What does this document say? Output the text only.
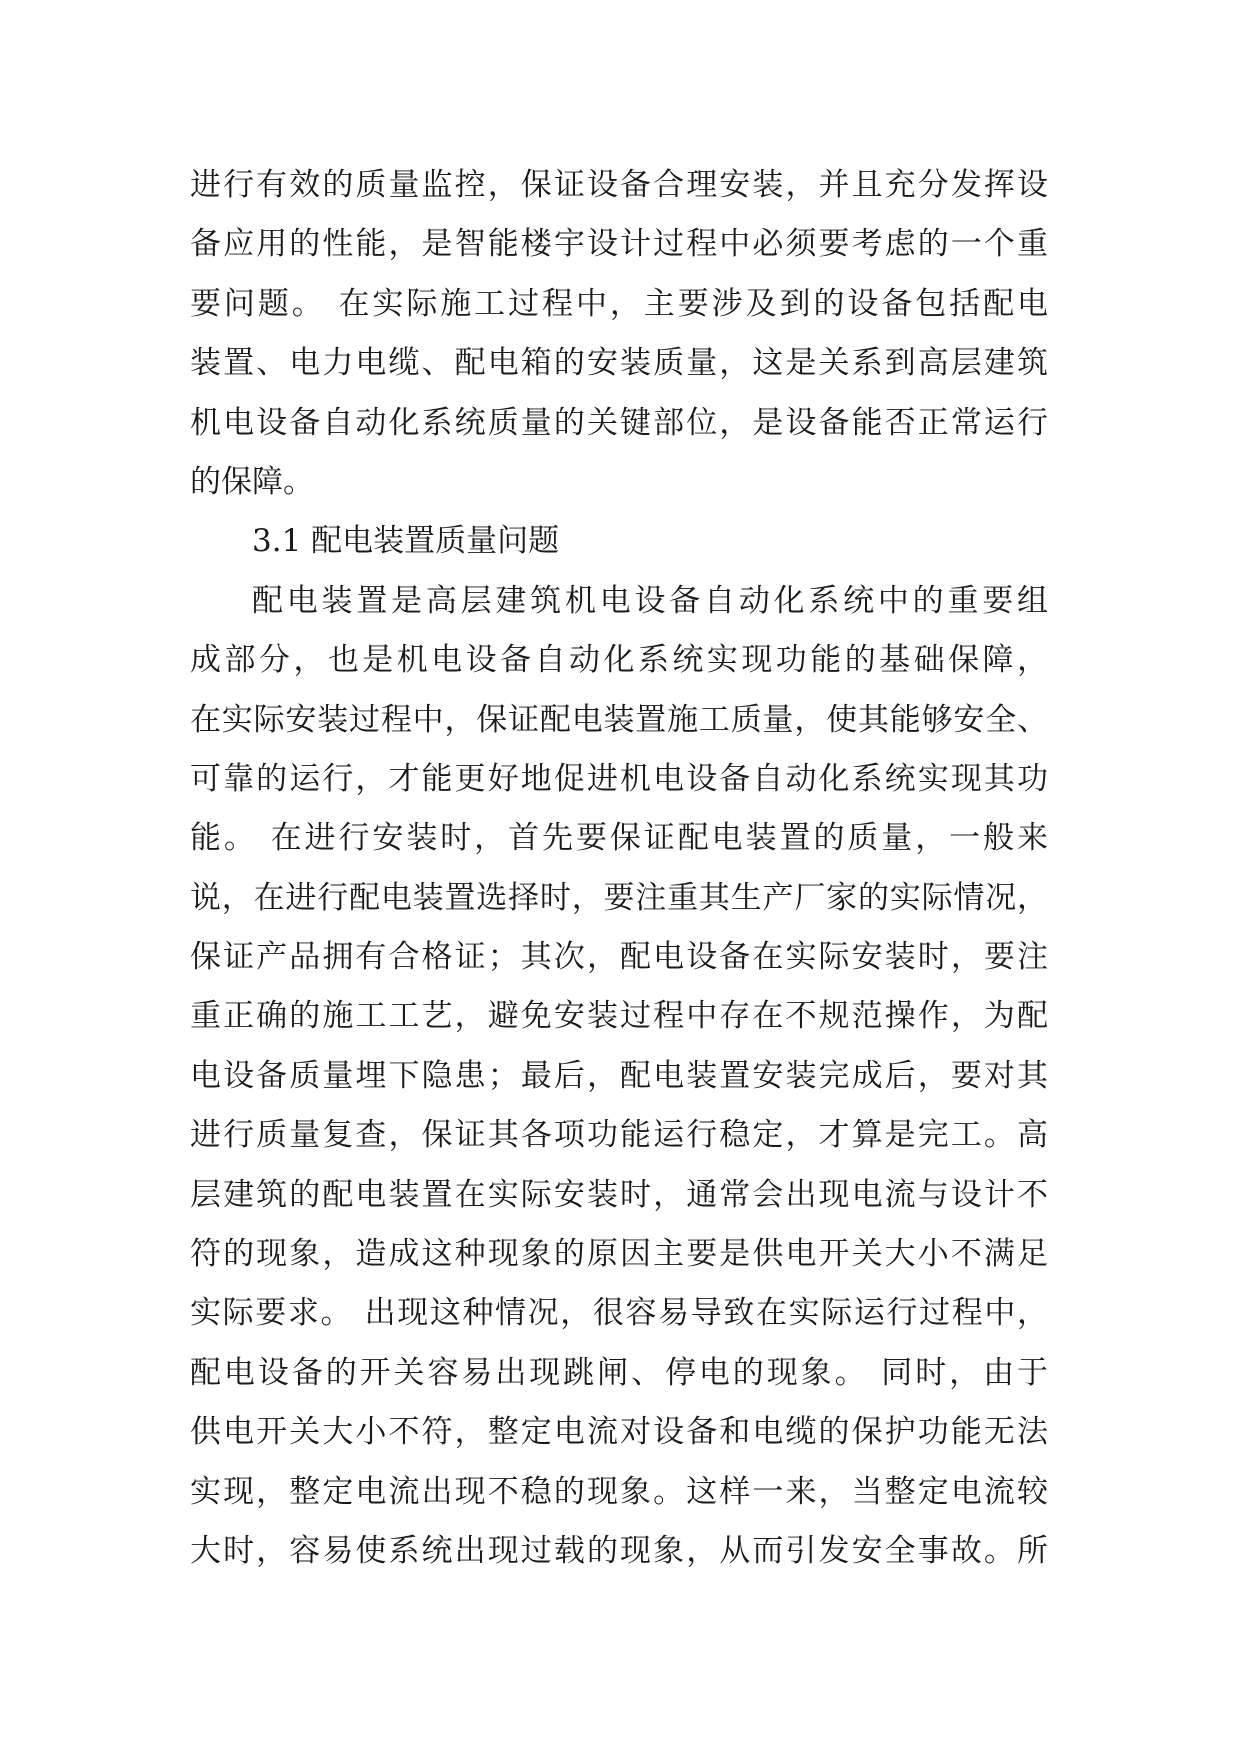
进行有效的质量监控，保证设备合理安装，并且充分发挥设
备应用的性能，是智能楼宇设计过程中必须要考虑的一个重
要问题。 在实际施工过程中，主要涉及到的设备包括配电
装置、电力电缆、配电箱的安装质量，这是关系到高层建筑
机电设备自动化系统质量的关键部位，是设备能否正常运行
的保障。
3.1 配电装置质量问题
配电装置是高层建筑机电设备自动化系统中的重要组
成部分，也是机电设备自动化系统实现功能的基础保障，
在实际安装过程中，保证配电装置施工质量，使其能够安全、
可靠的运行，才能更好地促进机电设备自动化系统实现其功
能。 在进行安装时，首先要保证配电装置的质量，一般来
说，在进行配电装置选择时，要注重其生产厂家的实际情况，
保证产品拥有合格证；其次，配电设备在实际安装时，要注
重正确的施工工艺，避免安装过程中存在不规范操作，为配
电设备质量埋下隐患；最后，配电装置安装完成后，要对其
进行质量复查，保证其各项功能运行稳定，才算是完工。高
层建筑的配电装置在实际安装时，通常会出现电流与设计不
符的现象，造成这种现象的原因主要是供电开关大小不满足
实际要求。 出现这种情况，很容易导致在实际运行过程中，
配电设备的开关容易出现跳闸、停电的现象。 同时，由于
供电开关大小不符，整定电流对设备和电缆的保护功能无法
实现，整定电流出现不稳的现象。这样一来，当整定电流较
大时，容易使系统出现过载的现象，从而引发安全事故。所
